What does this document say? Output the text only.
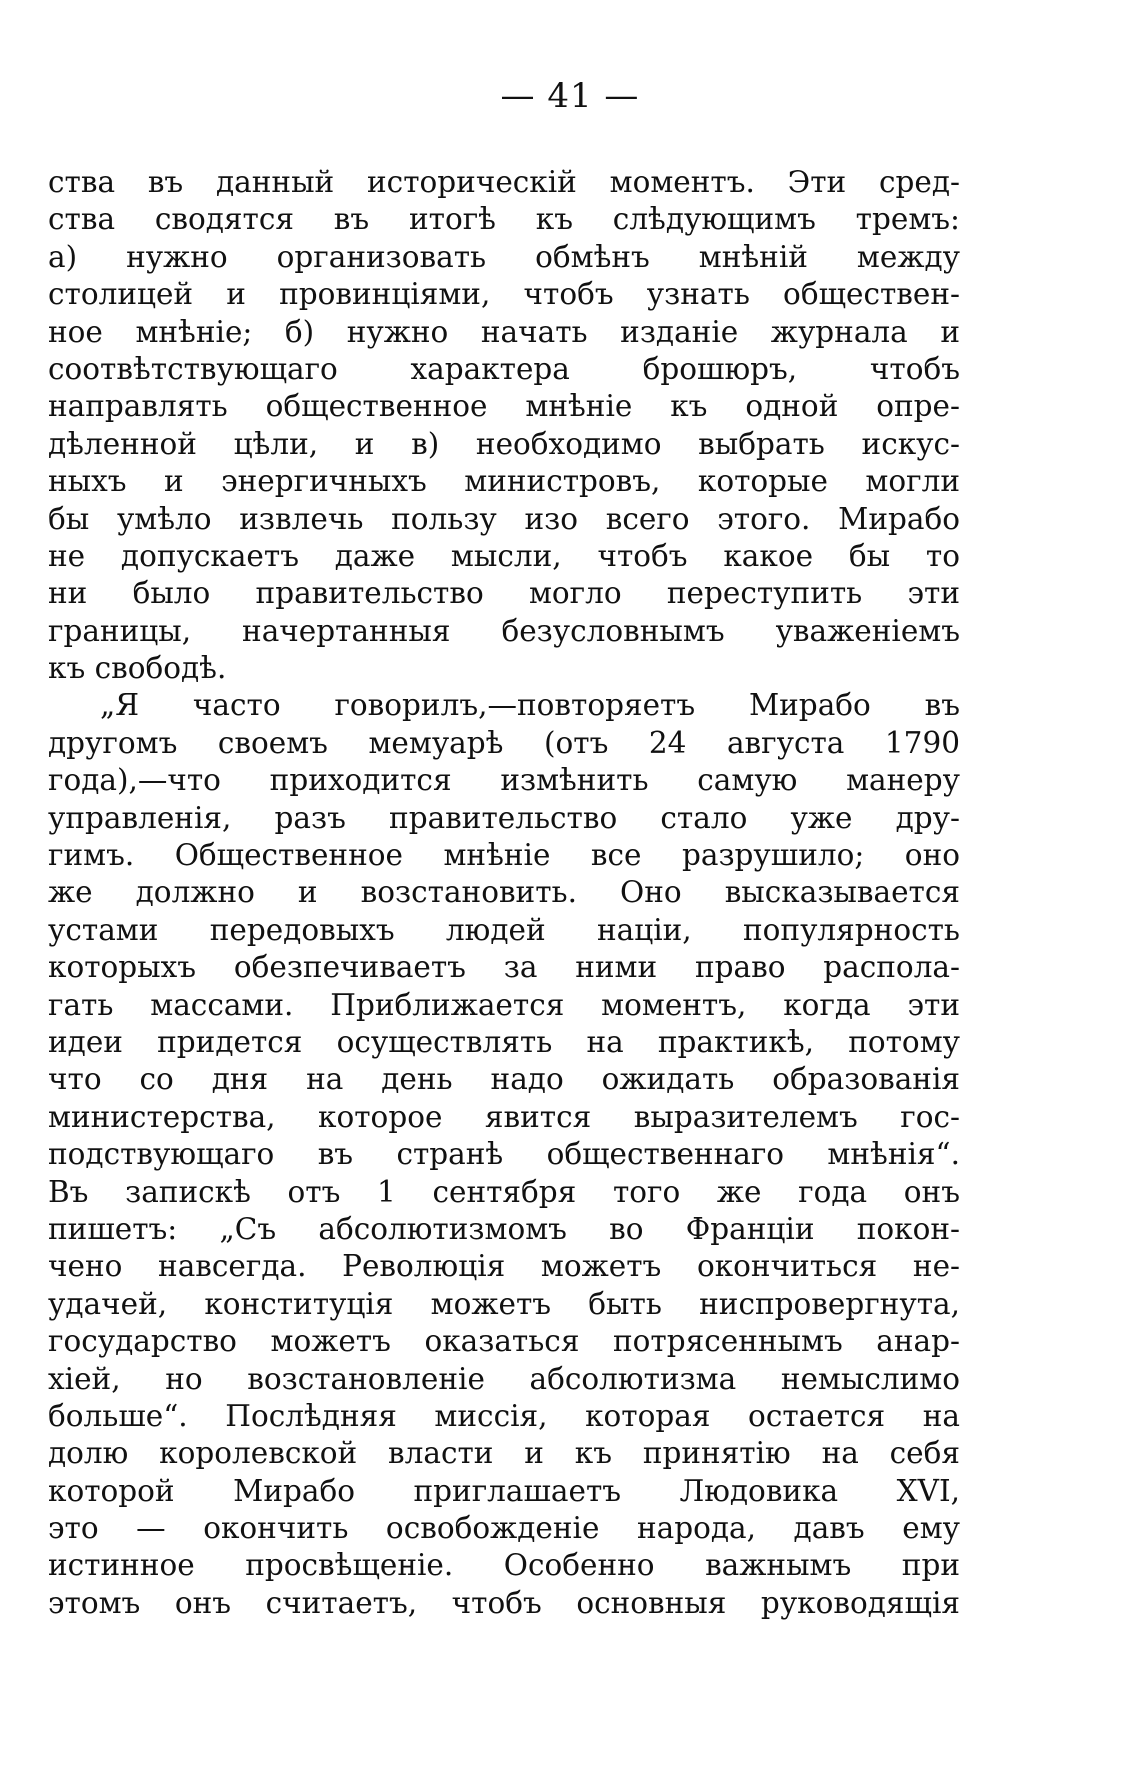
— 41 —
ства въ данный историческій моментъ. Эти сред-
ства сводятся въ итогѣ къ слѣдующимъ тремъ:
а) нужно организовать обмѣнъ мнѣній между
столицей и провинціями, чтобъ узнать обществен-
ное мнѣніе; б) нужно начать изданіе журнала и
соотвѣтствующаго характера брошюръ, чтобъ
направлять общественное мнѣніе къ одной опре-
дѣленной цѣли, и в) необходимо выбрать искус-
ныхъ и энергичныхъ министровъ, которые могли
бы умѣло извлечь пользу изо всего этого. Мирабо
не допускаетъ даже мысли, чтобъ какое бы то
ни было правительство могло переступить эти
границы, начертанныя безусловнымъ уваженіемъ
къ свободѣ.
„Я часто говорилъ,—повторяетъ Мирабо въ
другомъ своемъ мемуарѣ (отъ 24 августа 1790
года),—что приходится измѣнить самую манеру
управленія, разъ правительство стало уже дру-
гимъ. Общественное мнѣніе все разрушило; оно
же должно и возстановить. Оно высказывается
устами передовыхъ людей націи, популярность
которыхъ обезпечиваетъ за ними право распола-
гать массами. Приближается моментъ, когда эти
идеи придется осуществлять на практикѣ, потому
что со дня на день надо ожидать образованія
министерства, которое явится выразителемъ гос-
подствующаго въ странѣ общественнаго мнѣнія“.
Въ запискѣ отъ 1 сентября того же года онъ
пишетъ: „Съ абсолютизмомъ во Франціи покон-
чено навсегда. Революція можетъ окончиться не-
удачей, конституція можетъ быть ниспровергнута,
государство можетъ оказаться потрясеннымъ анар-
хіей, но возстановленіе абсолютизма немыслимо
больше“. Послѣдняя миссія, которая остается на
долю королевской власти и къ принятію на себя
которой Мирабо приглашаетъ Людовика XVI,
это — окончить освобожденіе народа, давъ ему
истинное просвѣщеніе. Особенно важнымъ при
этомъ онъ считаетъ, чтобъ основныя руководящія
